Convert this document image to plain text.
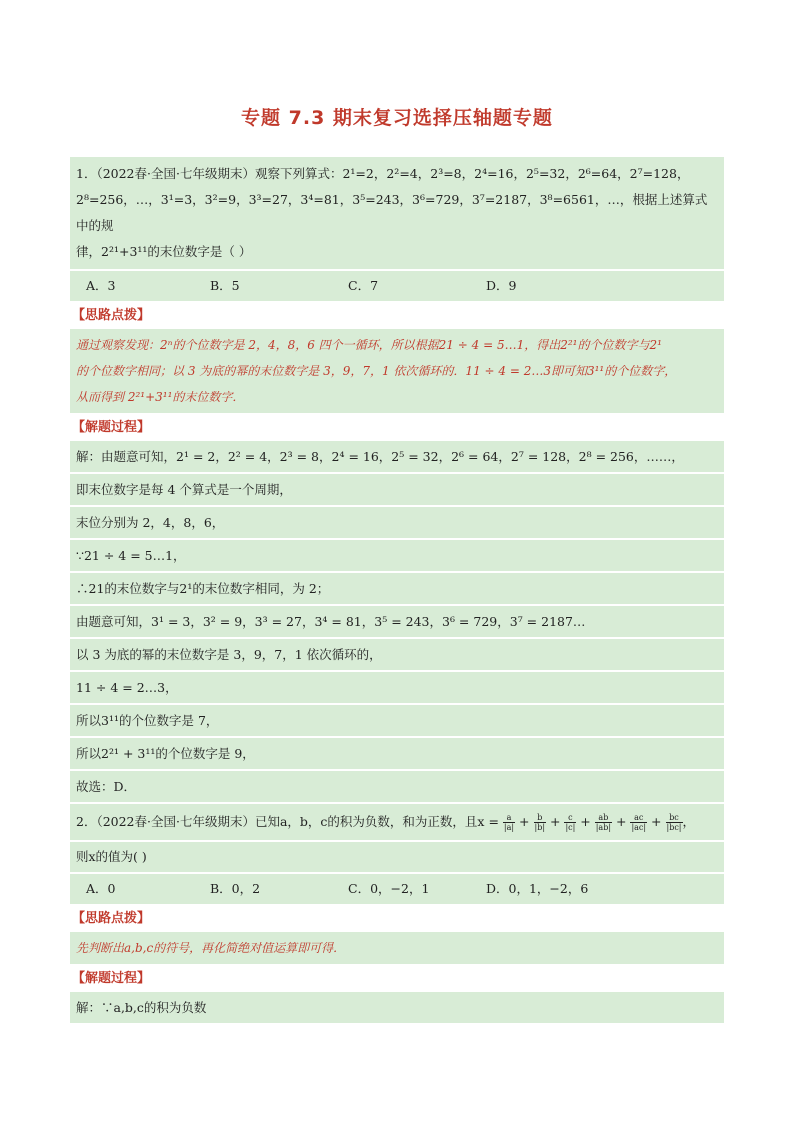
专题 7.3 期末复习选择压轴题专题
1．（2022春·全国·七年级期末）观察下列算式：2¹=2，2²=4，2³=8，2⁴=16，2⁵=32，2⁶=64，2⁷=128，
2⁸=256，…，3¹=3，3²=9，3³=27，3⁴=81，3⁵=243，3⁶=729，3⁷=2187，3⁸=6561，…，根据上述算式中的规
律，2²¹+3¹¹的末位数字是（ ）
A．3	B．5	C．7	D．9
【思路点拨】
通过观察发现：2ⁿ的个位数字是 2，4，8，6 四个一循环，所以根据21 ÷ 4 = 5…1，得出2²¹的个位数字与2¹
的个位数字相同；以 3 为底的幂的末位数字是 3，9，7，1 依次循环的．11 ÷ 4 = 2…3即可知3¹¹的个位数字，
从而得到 2²¹+3¹¹的末位数字．
【解题过程】
解：由题意可知，2¹ = 2，2² = 4，2³ = 8，2⁴ = 16，2⁵ = 32，2⁶ = 64，2⁷ = 128，2⁸ = 256，……，
即末位数字是每 4 个算式是一个周期，
末位分别为 2，4，8，6，
∵21 ÷ 4 = 5…1，
∴21的末位数字与2¹的末位数字相同，为 2；
由题意可知，3¹ = 3，3² = 9，3³ = 27，3⁴ = 81，3⁵ = 243，3⁶ = 729，3⁷ = 2187…
以 3 为底的幂的末位数字是 3，9，7，1 依次循环的，
11 ÷ 4 = 2…3，
所以3¹¹的个位数字是 7，
所以2²¹ + 3¹¹的个位数字是 9，
故选：D．
2．（2022春·全国·七年级期末）已知a，b，c的积为负数，和为正数，且$x = \frac{a}{|a|} + \frac{b}{|b|} + \frac{c}{|c|} + \frac{ab}{|ab|} + \frac{ac}{|ac|} + \frac{bc}{|bc|}$ ，
则x的值为( )
A．0	B．0，2	C．0，−2，1	D．0，1，−2，6
【思路点拨】
先判断出a,b,c的符号，再化简绝对值运算即可得．
【解题过程】
解：∵a,b,c的积为负数
